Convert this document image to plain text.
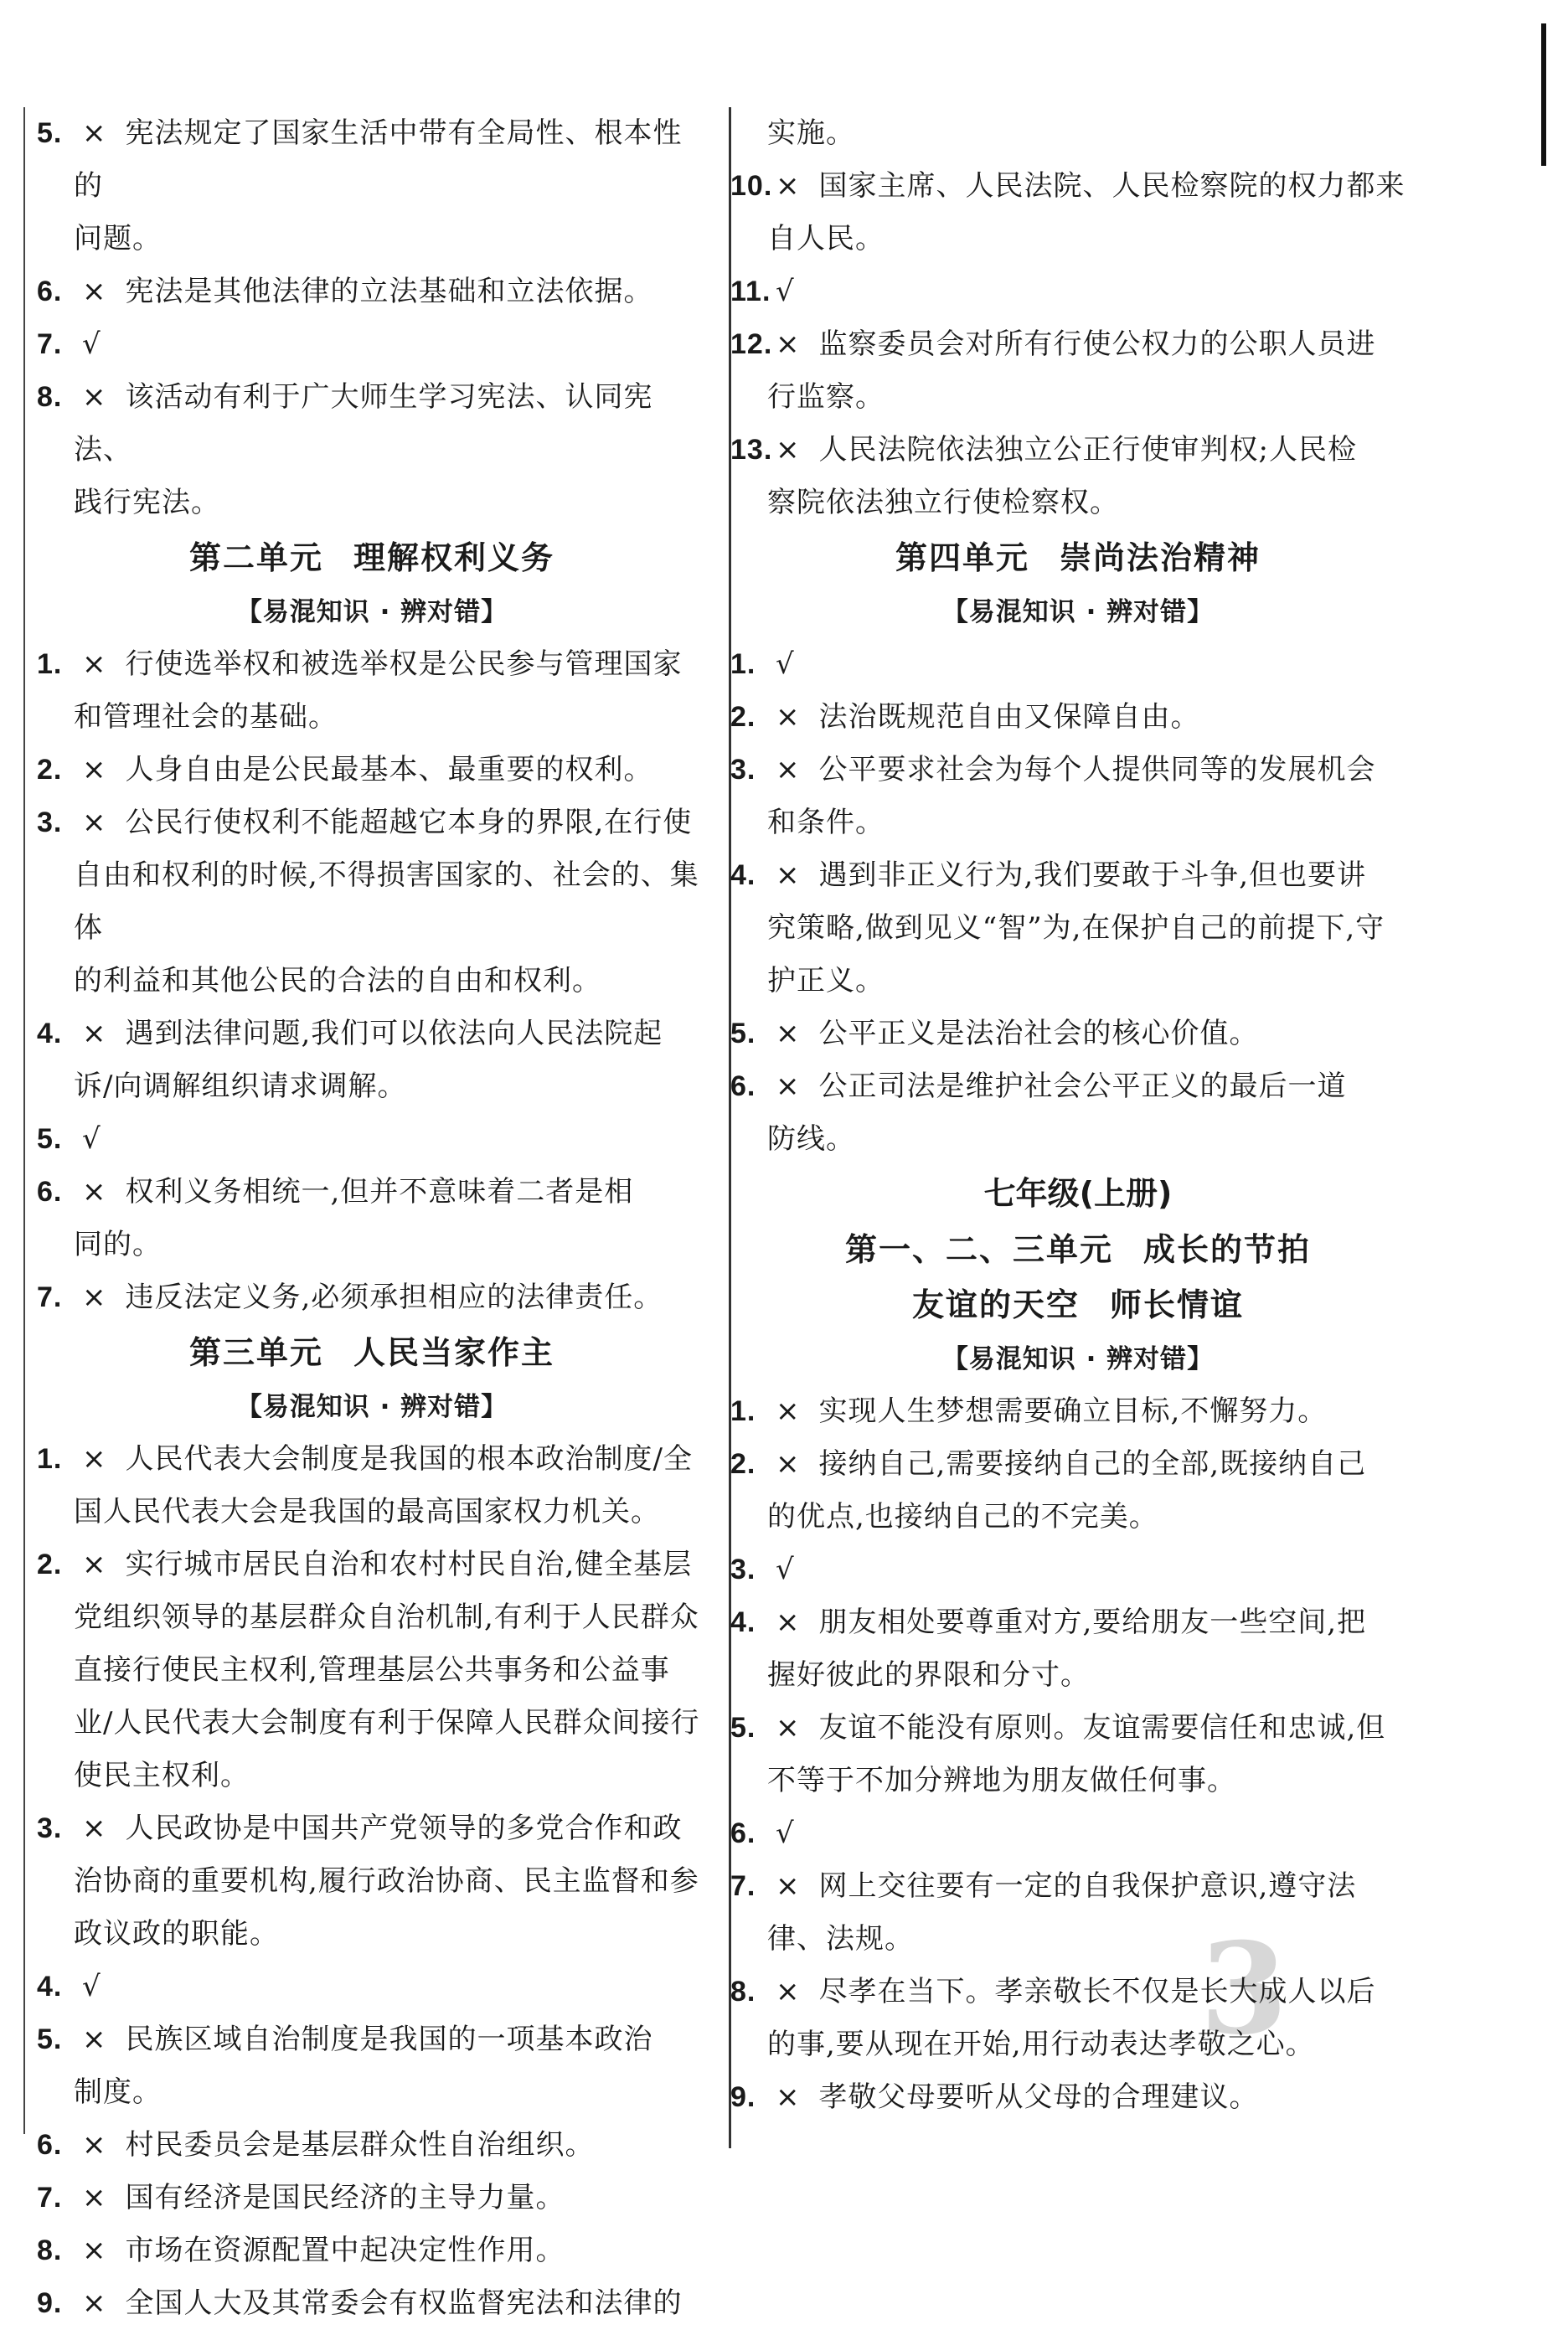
3

5. × 宪法规定了国家生活中带有全局性、根本性的

问题。

6. × 宪法是其他法律的立法基础和立法依据。

7. √

8. × 该活动有利于广大师生学习宪法、认同宪法、

践行宪法。

第二单元 理解权利义务
【易混知识 · 辨对错】

1. × 行使选举权和被选举权是公民参与管理国家

和管理社会的基础。

2. × 人身自由是公民最基本、最重要的权利。

3. × 公民行使权利不能超越它本身的界限,在行使

自由和权利的时候,不得损害国家的、社会的、集体

的利益和其他公民的合法的自由和权利。

4. × 遇到法律问题,我们可以依法向人民法院起

诉/向调解组织请求调解。

5. √

6. × 权利义务相统一,但并不意味着二者是相

同的。

7. × 违反法定义务,必须承担相应的法律责任。

第三单元 人民当家作主
【易混知识 · 辨对错】

1. × 人民代表大会制度是我国的根本政治制度/全

国人民代表大会是我国的最高国家权力机关。

2. × 实行城市居民自治和农村村民自治,健全基层

党组织领导的基层群众自治机制,有利于人民群众

直接行使民主权利,管理基层公共事务和公益事

业/人民代表大会制度有利于保障人民群众间接行

使民主权利。

3. × 人民政协是中国共产党领导的多党合作和政

治协商的重要机构,履行政治协商、民主监督和参

政议政的职能。

4. √

5. × 民族区域自治制度是我国的一项基本政治

制度。

6. × 村民委员会是基层群众性自治组织。

7. × 国有经济是国民经济的主导力量。

8. × 市场在资源配置中起决定性作用。

9. × 全国人大及其常委会有权监督宪法和法律的

实施。

10. × 国家主席、人民法院、人民检察院的权力都来

自人民。

11. √

12. × 监察委员会对所有行使公权力的公职人员进

行监察。

13. × 人民法院依法独立公正行使审判权;人民检

察院依法独立行使检察权。

第四单元 崇尚法治精神
【易混知识 · 辨对错】

1. √

2. × 法治既规范自由又保障自由。

3. × 公平要求社会为每个人提供同等的发展机会

和条件。

4. × 遇到非正义行为,我们要敢于斗争,但也要讲

究策略,做到见义“智”为,在保护自己的前提下,守

护正义。

5. × 公平正义是法治社会的核心价值。

6. × 公正司法是维护社会公平正义的最后一道

防线。

七年级(上册)
第一、二、三单元 成长的节拍
友谊的天空 师长情谊
【易混知识 · 辨对错】

1. × 实现人生梦想需要确立目标,不懈努力。

2. × 接纳自己,需要接纳自己的全部,既接纳自己

的优点,也接纳自己的不完美。

3. √

4. × 朋友相处要尊重对方,要给朋友一些空间,把

握好彼此的界限和分寸。

5. × 友谊不能没有原则。友谊需要信任和忠诚,但

不等于不加分辨地为朋友做任何事。

6. √

7. × 网上交往要有一定的自我保护意识,遵守法

律、法规。

8. × 尽孝在当下。孝亲敬长不仅是长大成人以后

的事,要从现在开始,用行动表达孝敬之心。

9. × 孝敬父母要听从父母的合理建议。
